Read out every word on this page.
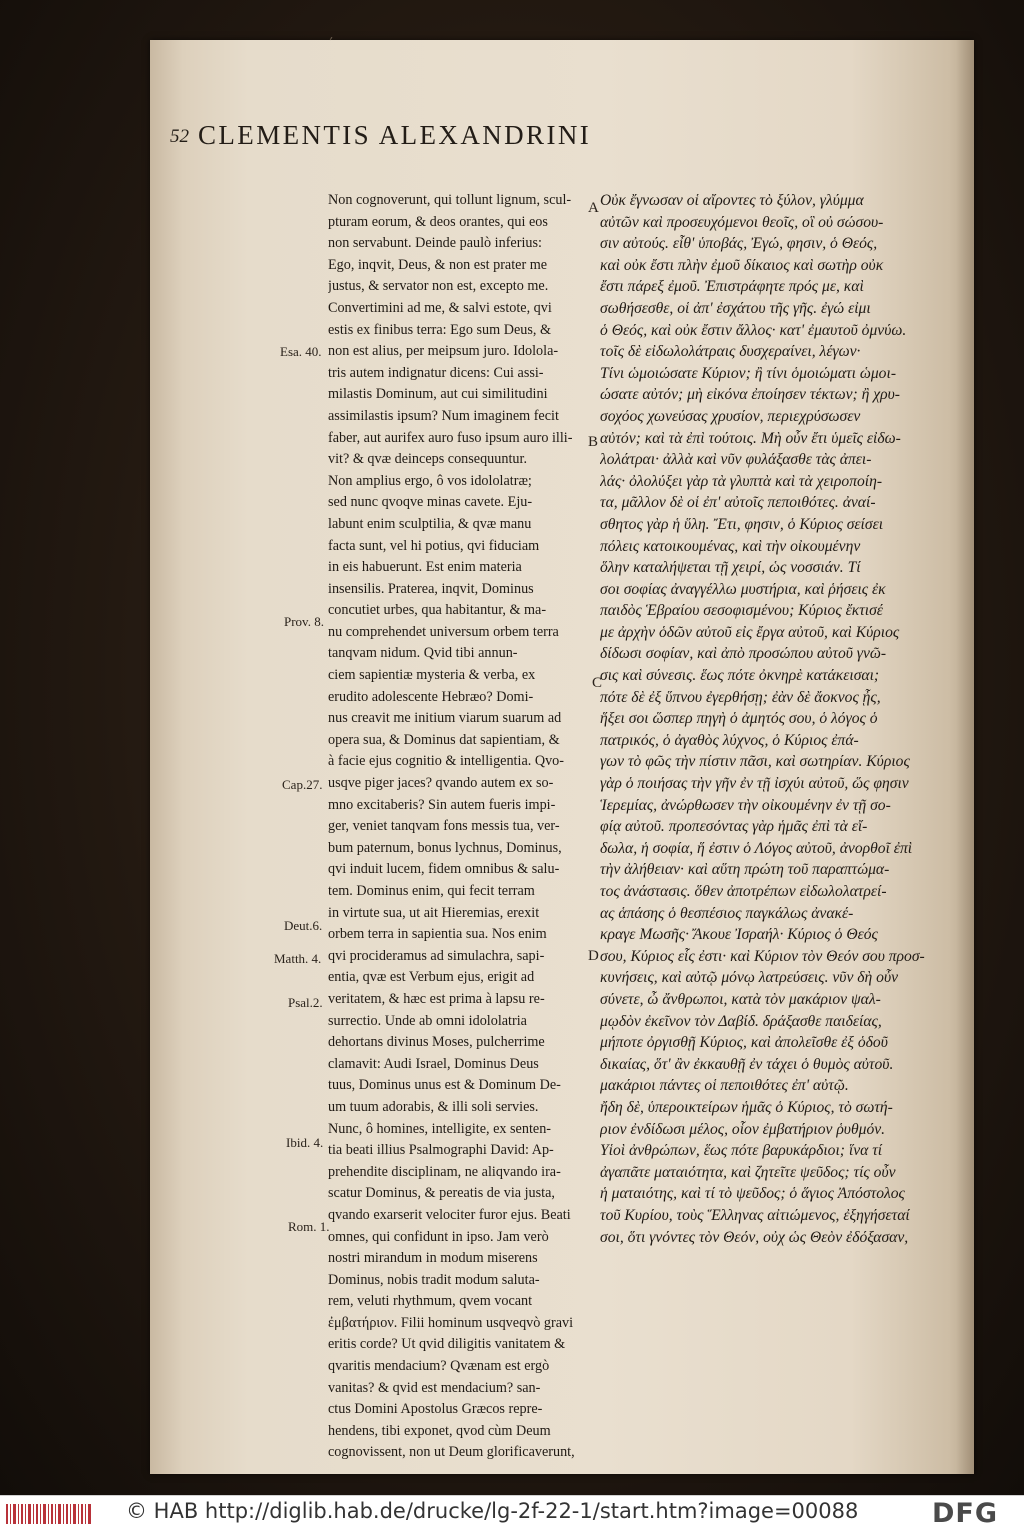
′
52 CLEMENTIS ALEXANDRINI
Esa. 40.
Prov. 8.
Cap.27.
Deut.6.
Matth. 4.
Psal.2.
Ibid. 4.
Rom. 1.
A
B
C
D
Non cognoverunt, qui tollunt lignum, scul-
pturam eorum, & deos orantes, qui eos
non servabunt. Deinde paulò inferius:
Ego, inqvit, Deus, & non est prater me
justus, & servator non est, excepto me.
Convertimini ad me, & salvi estote, qvi
estis ex finibus terra: Ego sum Deus, &
non est alius, per meipsum juro. Idolola-
tris autem indignatur dicens: Cui assi-
milastis Dominum, aut cui similitudini
assimilastis ipsum? Num imaginem fecit
faber, aut aurifex auro fuso ipsum auro illi-
vit? & qvæ deinceps consequuntur.
Non amplius ergo, ô vos idololatræ;
sed nunc qvoqve minas cavete. Eju-
labunt enim sculptilia, & qvæ manu
facta sunt, vel hi potius, qvi fiduciam
in eis habuerunt. Est enim materia
insensilis. Praterea, inqvit, Dominus
concutiet urbes, qua habitantur, & ma-
nu comprehendet universum orbem terra
tanqvam nidum. Qvid tibi annun-
ciem sapientiæ mysteria & verba, ex
erudito adolescente Hebræo? Domi-
nus creavit me initium viarum suarum ad
opera sua, & Dominus dat sapientiam, &
à facie ejus cognitio & intelligentia. Qvo-
usqve piger jaces? qvando autem ex so-
mno excitaberis? Sin autem fueris impi-
ger, veniet tanqvam fons messis tua, ver-
bum paternum, bonus lychnus, Dominus,
qvi induit lucem, fidem omnibus & salu-
tem. Dominus enim, qui fecit terram
in virtute sua, ut ait Hieremias, erexit
orbem terra in sapientia sua. Nos enim
qvi procideramus ad simulachra, sapi-
entia, qvæ est Verbum ejus, erigit ad
veritatem, & hæc est prima à lapsu re-
surrectio. Unde ab omni idololatria
dehortans divinus Moses, pulcherrime
clamavit: Audi Israel, Dominus Deus
tuus, Dominus unus est & Dominum De-
um tuum adorabis, & illi soli servies.
Nunc, ô homines, intelligite, ex senten-
tia beati illius Psalmographi David: Ap-
prehendite disciplinam, ne aliqvando ira-
scatur Dominus, & pereatis de via justa,
qvando exarserit velociter furor ejus. Beati
omnes, qui confidunt in ipso. Jam verò
nostri mirandum in modum miserens
Dominus, nobis tradit modum saluta-
rem, veluti rhythmum, qvem vocant
ἐμβατήριον. Filii hominum usqveqvò gravi
eritis corde? Ut qvid diligitis vanitatem &
qvaritis mendacium? Qvænam est ergò
vanitas? & qvid est mendacium? san-
ctus Domini Apostolus Græcos repre-
hendens, tibi exponet, qvod cùm Deum
cognovissent, non ut Deum glorificaverunt,
Οὐκ ἔγνωσαν οἱ αἴροντες τὸ ξύλον, γλύμμα
αὐτῶν καὶ προσευχόμενοι θεοῖς, οἳ οὐ σώσου-
σιν αὐτούς. εἶθ' ὑποβάς, Ἐγώ, φησιν, ὁ Θεός,
καὶ οὐκ ἔστι πλὴν ἐμοῦ δίκαιος καὶ σωτὴρ οὐκ
ἔστι πάρεξ ἐμοῦ. Ἐπιστράφητε πρός με, καὶ
σωθήσεσθε, οἱ ἀπ' ἐσχάτου τῆς γῆς. ἐγώ εἰμι
ὁ Θεός, καὶ οὐκ ἔστιν ἄλλος· κατ' ἐμαυτοῦ ὀμνύω.
τοῖς δὲ εἰδωλολάτραις δυσχεραίνει, λέγων·
Τίνι ὡμοιώσατε Κύριον; ἢ τίνι ὁμοιώματι ὡμοι-
ώσατε αὐτόν; μὴ εἰκόνα ἐποίησεν τέκτων; ἢ χρυ-
σοχόος χωνεύσας χρυσίον, περιεχρύσωσεν
αὐτόν; καὶ τὰ ἐπὶ τούτοις. Μὴ οὖν ἔτι ὑμεῖς εἰδω-
λολάτραι· ἀλλὰ καὶ νῦν φυλάξασθε τὰς ἀπει-
λάς· ὀλολύξει γὰρ τὰ γλυπτὰ καὶ τὰ χειροποίη-
τα, μᾶλλον δὲ οἱ ἐπ' αὐτοῖς πεποιθότες. ἀναί-
σθητος γὰρ ἡ ὕλη. Ἔτι, φησιν, ὁ Κύριος σείσει
πόλεις κατοικουμένας, καὶ τὴν οἰκουμένην
ὅλην καταλήψεται τῇ χειρί, ὡς νοσσιάν. Τί
σοι σοφίας ἀναγγέλλω μυστήρια, καὶ ῥήσεις ἐκ
παιδὸς Ἑβραίου σεσοφισμένου; Κύριος ἔκτισέ
με ἀρχὴν ὁδῶν αὐτοῦ εἰς ἔργα αὐτοῦ, καὶ Κύριος
δίδωσι σοφίαν, καὶ ἀπὸ προσώπου αὐτοῦ γνῶ-
σις καὶ σύνεσις. ἕως πότε ὀκνηρὲ κατάκεισαι;
πότε δὲ ἐξ ὕπνου ἐγερθήσῃ; ἐὰν δὲ ἄοκνος ᾖς,
ἥξει σοι ὥσπερ πηγὴ ὁ ἀμητός σου, ὁ λόγος ὁ
πατρικός, ὁ ἀγαθὸς λύχνος, ὁ Κύριος ἐπά-
γων τὸ φῶς τὴν πίστιν πᾶσι, καὶ σωτηρίαν. Κύριος
γὰρ ὁ ποιήσας τὴν γῆν ἐν τῇ ἰσχύι αὐτοῦ, ὥς φησιν
Ἱερεμίας, ἀνώρθωσεν τὴν οἰκουμένην ἐν τῇ σο-
φίᾳ αὐτοῦ. προπεσόντας γὰρ ἡμᾶς ἐπὶ τὰ εἴ-
δωλα, ἡ σοφία, ἥ ἐστιν ὁ Λόγος αὐτοῦ, ἀνορθοῖ ἐπὶ
τὴν ἀλήθειαν· καὶ αὕτη πρώτη τοῦ παραπτώμα-
τος ἀνάστασις. ὅθεν ἀποτρέπων εἰδωλολατρεί-
ας ἁπάσης ὁ θεσπέσιος παγκάλως ἀνακέ-
κραγε Μωσῆς· Ἄκουε Ἰσραήλ· Κύριος ὁ Θεός
σου, Κύριος εἷς ἐστι· καὶ Κύριον τὸν Θεόν σου προσ-
κυνήσεις, καὶ αὐτῷ μόνῳ λατρεύσεις. νῦν δὴ οὖν
σύνετε, ὦ ἄνθρωποι, κατὰ τὸν μακάριον ψαλ-
μῳδὸν ἐκεῖνον τὸν Δαβίδ. δράξασθε παιδείας,
μήποτε ὀργισθῇ Κύριος, καὶ ἀπολεῖσθε ἐξ ὁδοῦ
δικαίας, ὅτ' ἂν ἐκκαυθῇ ἐν τάχει ὁ θυμὸς αὐτοῦ.
μακάριοι πάντες οἱ πεποιθότες ἐπ' αὐτῷ.
ἤδη δὲ, ὑπεροικτείρων ἡμᾶς ὁ Κύριος, τὸ σωτή-
ριον ἐνδίδωσι μέλος, οἷον ἐμβατήριον ῥυθμόν.
Υἱοὶ ἀνθρώπων, ἕως πότε βαρυκάρδιοι; ἵνα τί
ἀγαπᾶτε ματαιότητα, καὶ ζητεῖτε ψεῦδος; τίς οὖν
ἡ ματαιότης, καὶ τί τὸ ψεῦδος; ὁ ἅγιος Ἀπόστολος
τοῦ Κυρίου, τοὺς Ἕλληνας αἰτιώμενος, ἐξηγήσεταί
σοι, ὅτι γνόντες τὸν Θεόν, οὐχ ὡς Θεὸν ἐδόξασαν,
© HAB http://diglib.hab.de/drucke/lg-2f-22-1/start.htm?image=00088	DFG
